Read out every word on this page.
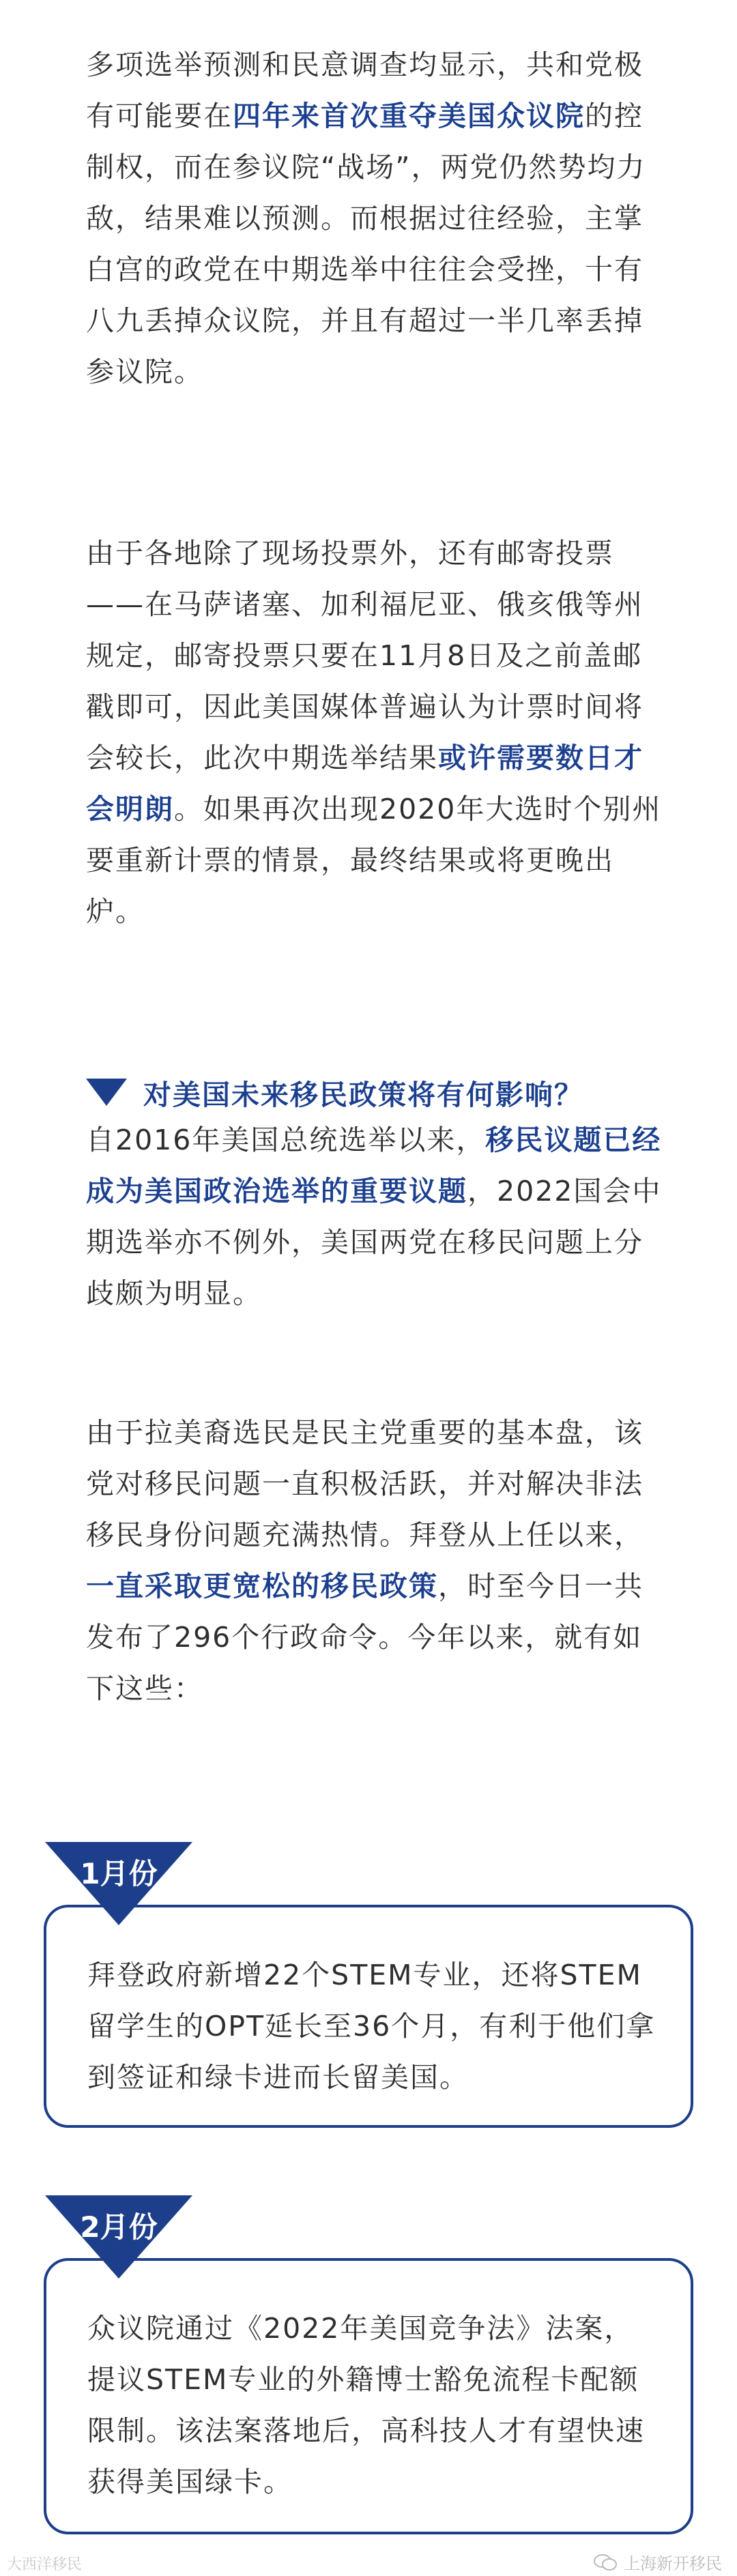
多项选举预测和民意调查均显示，共和党极有可能要在四年来首次重夺美国众议院的控制权，而在参议院“战场”，两党仍然势均力敌，结果难以预测。而根据过往经验，主掌白宫的政党在中期选举中往往会受挫，十有八九丢掉众议院，并且有超过一半几率丢掉参议院。

由于各地除了现场投票外，还有邮寄投票——在马萨诸塞、加利福尼亚、俄亥俄等州规定，邮寄投票只要在11月8日及之前盖邮戳即可，因此美国媒体普遍认为计票时间将会较长，此次中期选举结果或许需要数日才会明朗。如果再次出现2020年大选时个别州要重新计票的情景，最终结果或将更晚出炉。

对美国未来移民政策将有何影响？

自2016年美国总统选举以来，移民议题已经成为美国政治选举的重要议题，2022国会中期选举亦不例外，美国两党在移民问题上分歧颇为明显。

由于拉美裔选民是民主党重要的基本盘，该党对移民问题一直积极活跃，并对解决非法移民身份问题充满热情。拜登从上任以来，一直采取更宽松的移民政策，时至今日一共发布了296个行政命令。今年以来，就有如下这些：

拜登政府新增22个STEM专业，还将STEM留学生的OPT延长至36个月，有利于他们拿到签证和绿卡进而长留美国。

1月份

众议院通过《2022年美国竞争法》法案，提议STEM专业的外籍博士豁免流程卡配额限制。该法案落地后，高科技人才有望快速获得美国绿卡。

2月份
大西洋移民	上海新开移民
